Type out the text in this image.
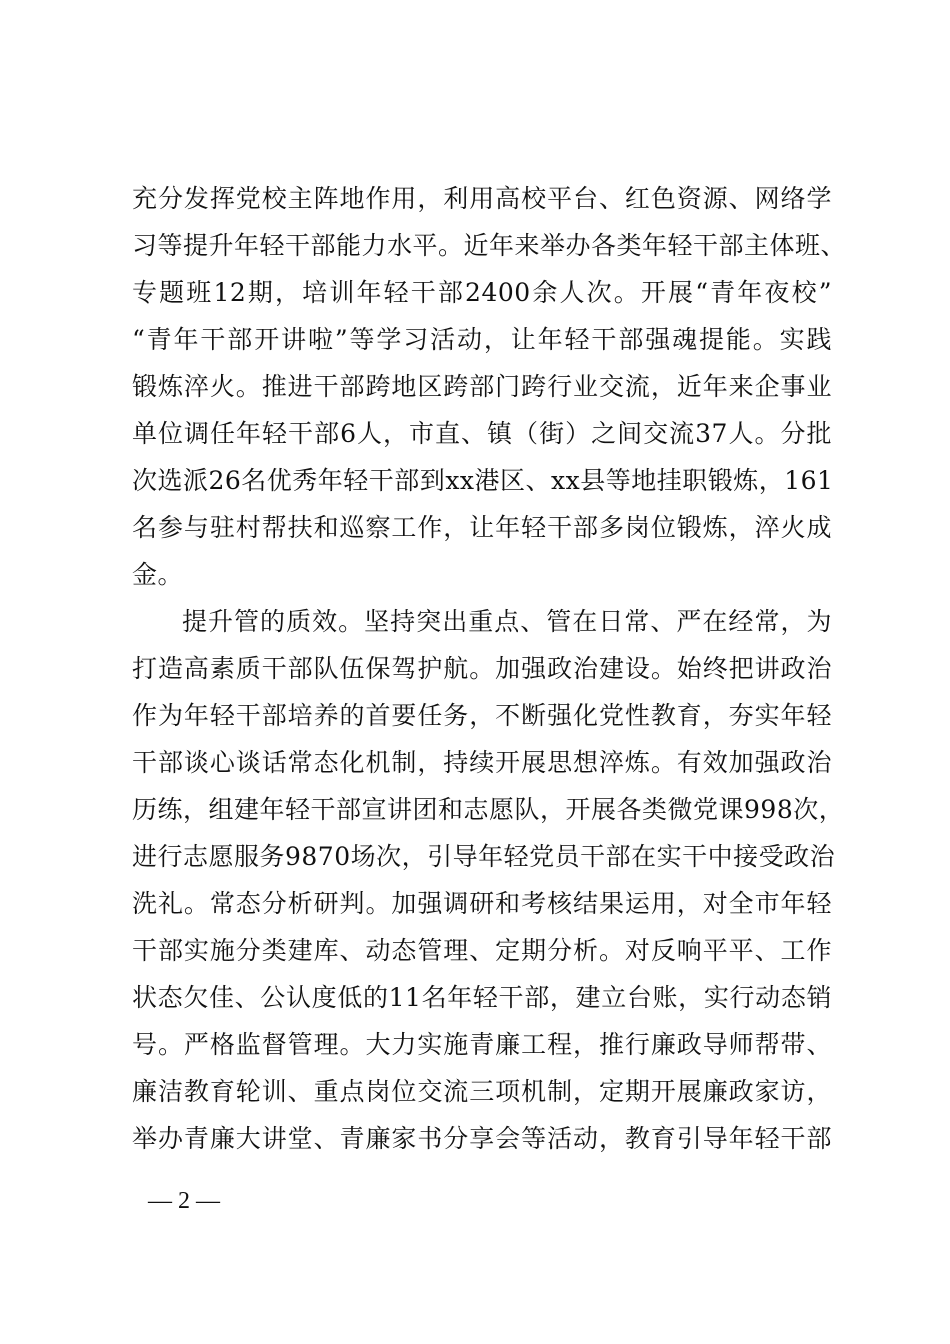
充分发挥党校主阵地作用，利用高校平台、红色资源、网络学
习等提升年轻干部能力水平。近年来举办各类年轻干部主体班、
专题班12期，培训年轻干部2400余人次。开展“青年夜校”
“青年干部开讲啦”等学习活动，让年轻干部强魂提能。实践
锻炼淬火。推进干部跨地区跨部门跨行业交流，近年来企事业
单位调任年轻干部6人，市直、镇（街）之间交流37人。分批
次选派26名优秀年轻干部到xx港区、xx县等地挂职锻炼，161
名参与驻村帮扶和巡察工作，让年轻干部多岗位锻炼，淬火成
金。
提升管的质效。坚持突出重点、管在日常、严在经常，为
打造高素质干部队伍保驾护航。加强政治建设。始终把讲政治
作为年轻干部培养的首要任务，不断强化党性教育，夯实年轻
干部谈心谈话常态化机制，持续开展思想淬炼。有效加强政治
历练，组建年轻干部宣讲团和志愿队，开展各类微党课998次，
进行志愿服务9870场次，引导年轻党员干部在实干中接受政治
洗礼。常态分析研判。加强调研和考核结果运用，对全市年轻
干部实施分类建库、动态管理、定期分析。对反响平平、工作
状态欠佳、公认度低的11名年轻干部，建立台账，实行动态销
号。严格监督管理。大力实施青廉工程，推行廉政导师帮带、
廉洁教育轮训、重点岗位交流三项机制，定期开展廉政家访，
举办青廉大讲堂、青廉家书分享会等活动，教育引导年轻干部
— 2 —
